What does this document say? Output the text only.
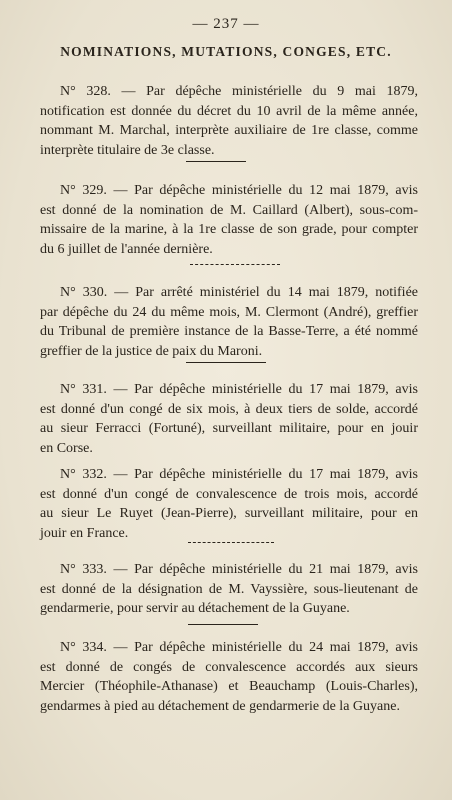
— 237 —
NOMINATIONS, MUTATIONS, CONGES, ETC.
N° 328. — Par dépêche ministérielle du 9 mai 1879,
notification est donnée du décret du 10 avril de la même année,
nommant M. Marchal, interprète auxiliaire de 1re classe, comme
interprète titulaire de 3e classe.
N° 329. — Par dépêche ministérielle du 12 mai 1879, avis
est donné de la nomination de M. Caillard (Albert), sous-com-
missaire de la marine, à la 1re classe de son grade, pour compter
du 6 juillet de l'année dernière.
N° 330. — Par arrêté ministériel du 14 mai 1879, notifiée
par dépêche du 24 du même mois, M. Clermont (André), greffier
du Tribunal de première instance de la Basse-Terre, a été nommé
greffier de la justice de paix du Maroni.
N° 331. — Par dépêche ministérielle du 17 mai 1879, avis
est donné d'un congé de six mois, à deux tiers de solde, accordé
au sieur Ferracci (Fortuné), surveillant militaire, pour en jouir
en Corse.
N° 332. — Par dépêche ministérielle du 17 mai 1879, avis
est donné d'un congé de convalescence de trois mois, accordé
au sieur Le Ruyet (Jean-Pierre), surveillant militaire, pour en
jouir en France.
N° 333. — Par dépêche ministérielle du 21 mai 1879, avis
est donné de la désignation de M. Vayssière, sous-lieutenant de
gendarmerie, pour servir au détachement de la Guyane.
N° 334. — Par dépêche ministérielle du 24 mai 1879, avis
est donné de congés de convalescence accordés aux sieurs
Mercier (Théophile-Athanase) et Beauchamp (Louis-Charles),
gendarmes à pied au détachement de gendarmerie de la Guyane.
